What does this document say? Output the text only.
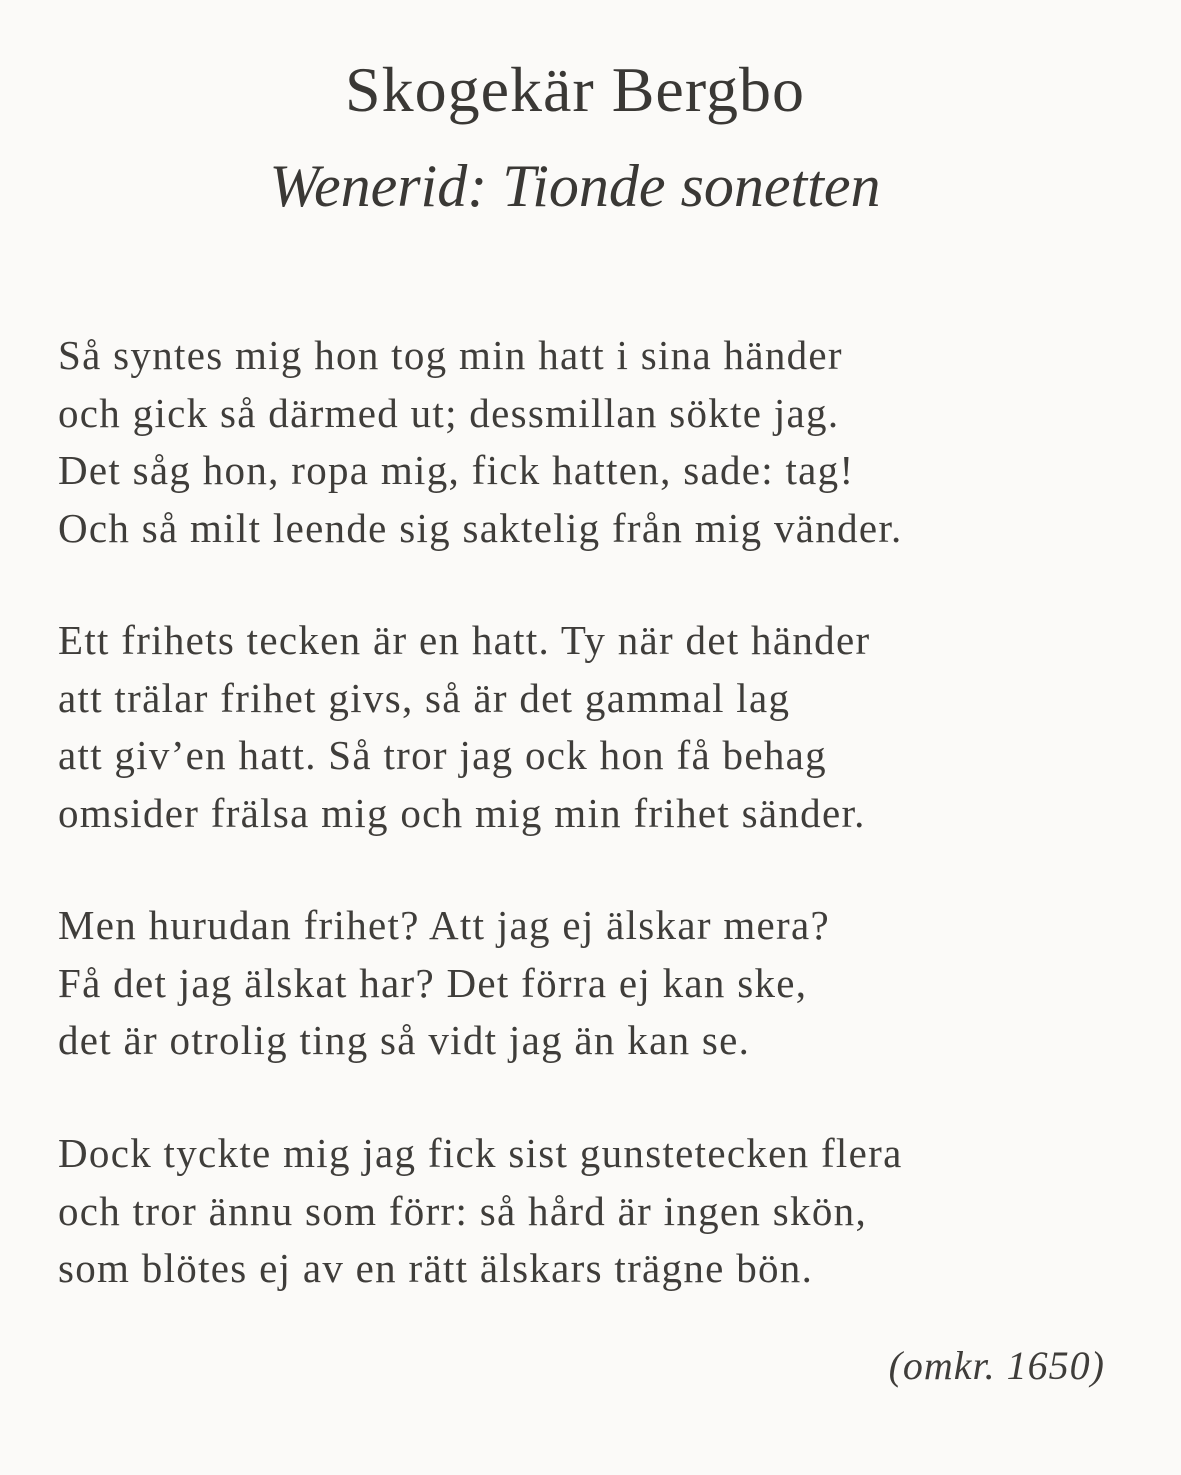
Skogekär Bergbo
Wenerid: Tionde sonetten

Så syntes mig hon tog min hatt i sina händer
och gick så därmed ut; dessmillan sökte jag.
Det såg hon, ropa mig, fick hatten, sade: tag!
Och så milt leende sig saktelig från mig vänder.

Ett frihets tecken är en hatt. Ty när det händer
att trälar frihet givs, så är det gammal lag
att giv’en hatt. Så tror jag ock hon få behag
omsider frälsa mig och mig min frihet sänder.

Men hurudan frihet? Att jag ej älskar mera?
Få det jag älskat har? Det förra ej kan ske,
det är otrolig ting så vidt jag än kan se.

Dock tyckte mig jag fick sist gunstetecken flera
och tror ännu som förr: så hård är ingen skön,
som blötes ej av en rätt älskars trägne bön.

(omkr. 1650)
